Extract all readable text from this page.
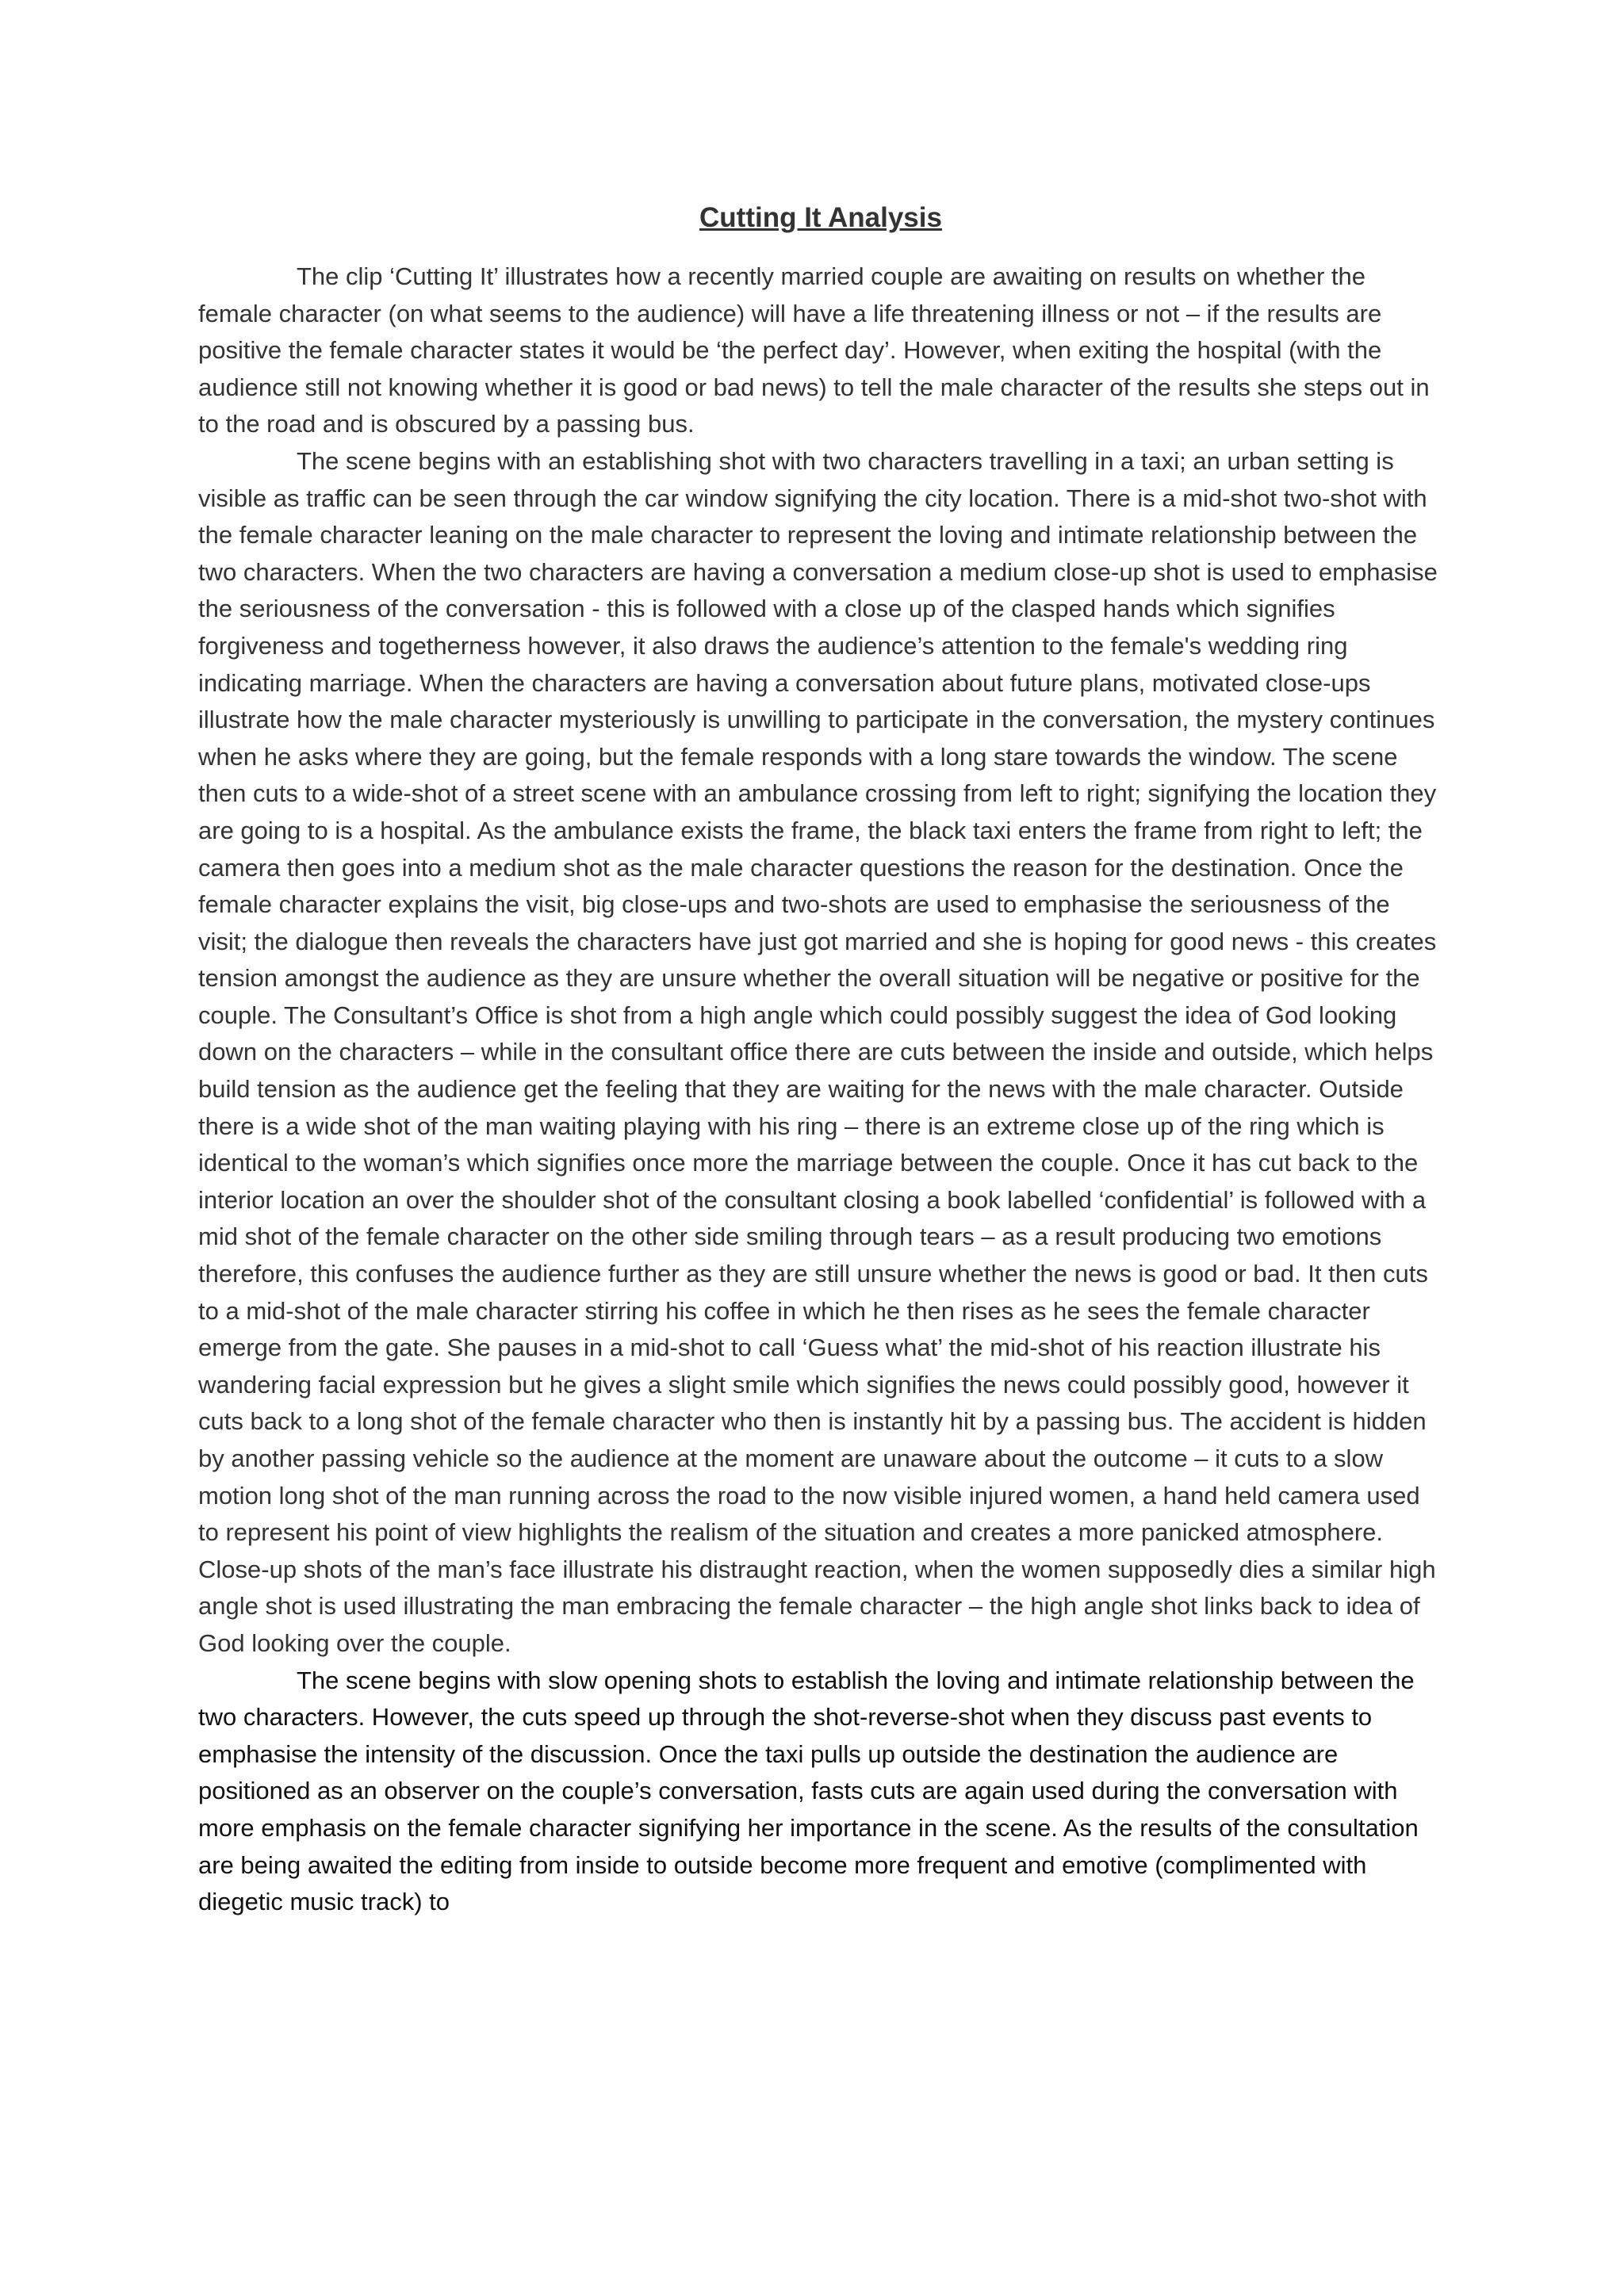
Cutting It Analysis

The clip ‘Cutting It’ illustrates how a recently married couple are awaiting on results on whether the female character (on what seems to the audience) will have a life threatening illness or not – if the results are positive the female character states it would be ‘the perfect day’. However, when exiting the hospital (with the audience still not knowing whether it is good or bad news) to tell the male character of the results she steps out in to the road and is obscured by a passing bus.

The scene begins with an establishing shot with two characters travelling in a taxi; an urban setting is visible as traffic can be seen through the car window signifying the city location. There is a mid-shot two-shot with the female character leaning on the male character to represent the loving and intimate relationship between the two characters. When the two characters are having a conversation a medium close-up shot is used to emphasise the seriousness of the conversation - this is followed with a close up of the clasped hands which signifies forgiveness and togetherness however, it also draws the audience’s attention to the female's wedding ring indicating marriage. When the characters are having a conversation about future plans, motivated close-ups illustrate how the male character mysteriously is unwilling to participate in the conversation, the mystery continues when he asks where they are going, but the female responds with a long stare towards the window. The scene then cuts to a wide-shot of a street scene with an ambulance crossing from left to right; signifying the location they are going to is a hospital. As the ambulance exists the frame, the black taxi enters the frame from right to left; the camera then goes into a medium shot as the male character questions the reason for the destination. Once the female character explains the visit, big close-ups and two-shots are used to emphasise the seriousness of the visit; the dialogue then reveals the characters have just got married and she is hoping for good news - this creates tension amongst the audience as they are unsure whether the overall situation will be negative or positive for the couple. The Consultant’s Office is shot from a high angle which could possibly suggest the idea of God looking down on the characters – while in the consultant office there are cuts between the inside and outside, which helps build tension as the audience get the feeling that they are waiting for the news with the male character. Outside there is a wide shot of the man waiting playing with his ring – there is an extreme close up of the ring which is identical to the woman’s which signifies once more the marriage between the couple. Once it has cut back to the interior location an over the shoulder shot of the consultant closing a book labelled ‘confidential’ is followed with a mid shot of the female character on the other side smiling through tears – as a result producing two emotions therefore, this confuses the audience further as they are still unsure whether the news is good or bad. It then cuts to a mid-shot of the male character stirring his coffee in which he then rises as he sees the female character emerge from the gate. She pauses in a mid-shot to call ‘Guess what’ the mid-shot of his reaction illustrate his wandering facial expression but he gives a slight smile which signifies the news could possibly good, however it cuts back to a long shot of the female character who then is instantly hit by a passing bus. The accident is hidden by another passing vehicle so the audience at the moment are unaware about the outcome – it cuts to a slow motion long shot of the man running across the road to the now visible injured women, a hand held camera used to represent his point of view highlights the realism of the situation and creates a more panicked atmosphere. Close-up shots of the man’s face illustrate his distraught reaction, when the women supposedly dies a similar high angle shot is used illustrating the man embracing the female character – the high angle shot links back to idea of God looking over the couple.

The scene begins with slow opening shots to establish the loving and intimate relationship between the two characters. However, the cuts speed up through the shot-reverse-shot when they discuss past events to emphasise the intensity of the discussion. Once the taxi pulls up outside the destination the audience are positioned as an observer on the couple’s conversation, fasts cuts are again used during the conversation with more emphasis on the female character signifying her importance in the scene. As the results of the consultation are being awaited the editing from inside to outside become more frequent and emotive (complimented with diegetic music track) to
